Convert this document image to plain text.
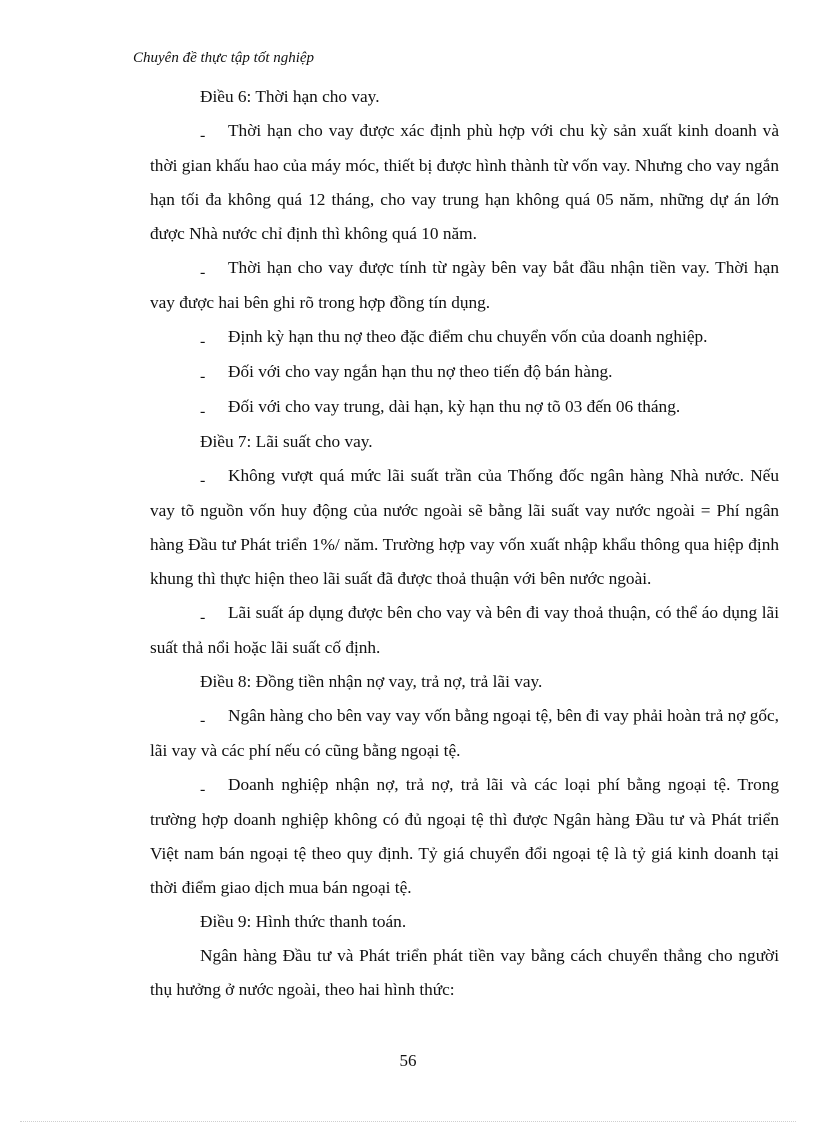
Chuyên đề thực tập tốt nghiệp

Điều 6: Thời hạn cho vay.

- Thời hạn cho vay được xác định phù hợp với chu kỳ sản xuất kinh doanh và thời gian khấu hao của máy móc, thiết bị được hình thành từ vốn vay. Nhưng cho vay ngắn hạn tối đa không quá 12 tháng, cho vay trung hạn không quá 05 năm, những dự án lớn được Nhà nước chỉ định thì không quá 10 năm.

- Thời hạn cho vay được tính từ ngày bên vay bắt đầu nhận tiền vay. Thời hạn vay được hai bên ghi rõ trong hợp đồng tín dụng.

- Định kỳ hạn thu nợ theo đặc điểm chu chuyển vốn của doanh nghiệp.

- Đối với cho vay ngắn hạn thu nợ theo tiến độ bán hàng.

- Đối với cho vay trung, dài hạn, kỳ hạn thu nợ tõ 03 đến 06 tháng.

Điều 7: Lãi suất cho vay.

- Không vượt quá mức lãi suất trần của Thống đốc ngân hàng Nhà nước. Nếu vay tõ nguồn vốn huy động của nước ngoài sẽ bằng lãi suất vay nước ngoài = Phí ngân hàng Đầu tư Phát triển 1%/ năm. Trường hợp vay vốn xuất nhập khẩu thông qua hiệp định khung thì thực hiện theo lãi suất đã được thoả thuận với bên nước ngoài.

- Lãi suất áp dụng được bên cho vay và bên đi vay thoả thuận, có thể áo dụng lãi suất thả nổi hoặc lãi suất cố định.

Điều 8: Đồng tiền nhận nợ vay, trả nợ, trả lãi vay.

- Ngân hàng cho bên vay vay vốn bằng ngoại tệ, bên đi vay phải hoàn trả nợ gốc, lãi vay và các phí nếu có cũng bằng ngoại tệ.

- Doanh nghiệp nhận nợ, trả nợ, trả lãi và các loại phí bằng ngoại tệ. Trong trường hợp doanh nghiệp không có đủ ngoại tệ thì được Ngân hàng Đầu tư và Phát triển Việt nam bán ngoại tệ theo quy định. Tỷ giá chuyển đổi ngoại tệ là tỷ giá kinh doanh tại thời điểm giao dịch mua bán ngoại tệ.

Điều 9: Hình thức thanh toán.

Ngân hàng Đầu tư và Phát triển phát tiền vay bằng cách chuyển thẳng cho người thụ hưởng ở nước ngoài, theo hai hình thức:

56
